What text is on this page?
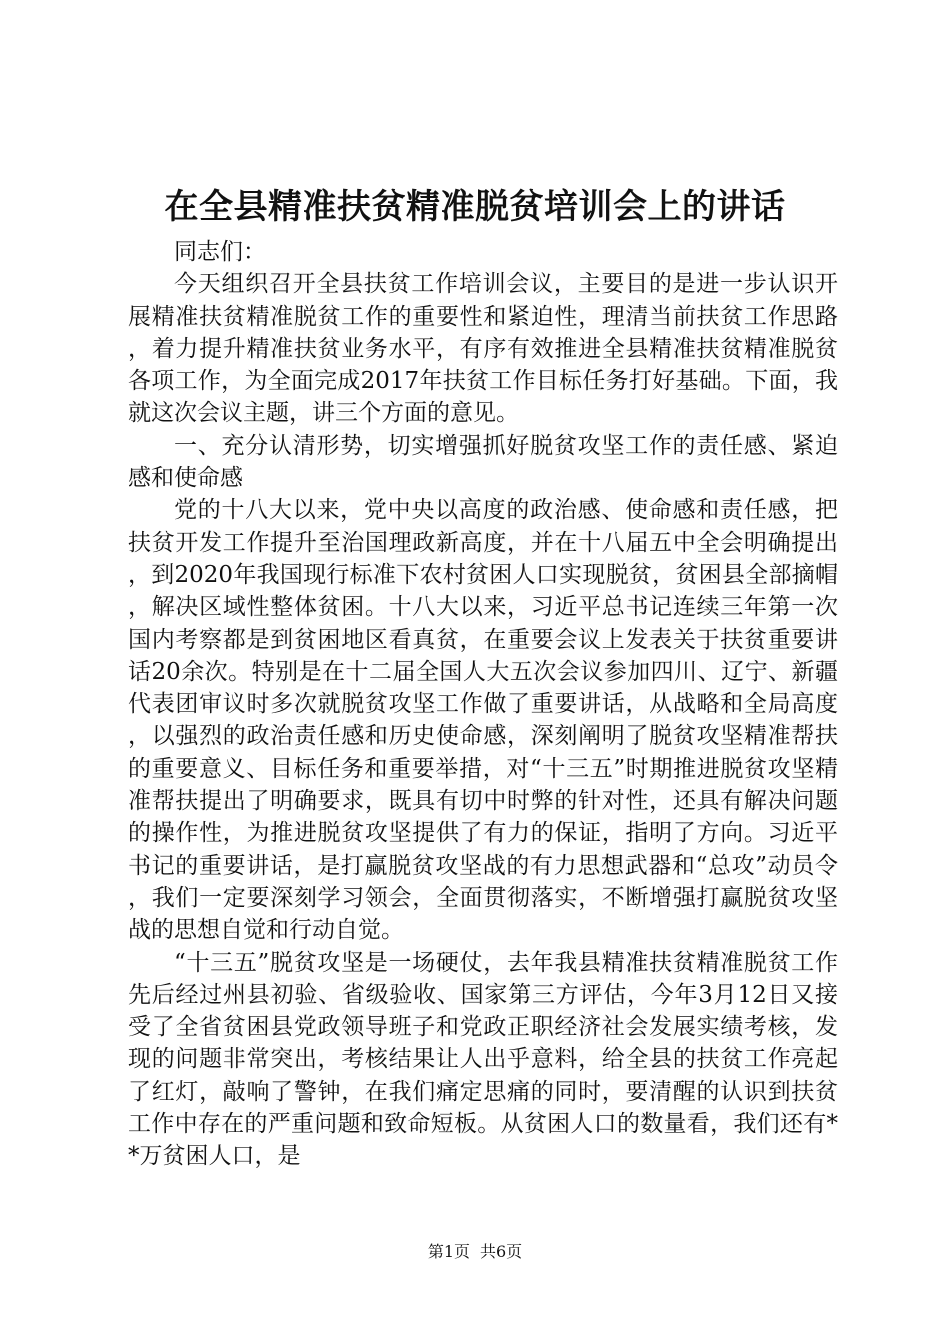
在全县精准扶贫精准脱贫培训会上的讲话

同志们：

今天组织召开全县扶贫工作培训会议，主要目的是进一步认识开展精准扶贫精准脱贫工作的重要性和紧迫性，理清当前扶贫工作思路，着力提升精准扶贫业务水平，有序有效推进全县精准扶贫精准脱贫各项工作，为全面完成2017年扶贫工作目标任务打好基础。下面，我就这次会议主题，讲三个方面的意见。

一、充分认清形势，切实增强抓好脱贫攻坚工作的责任感、紧迫感和使命感

党的十八大以来，党中央以高度的政治感、使命感和责任感，把扶贫开发工作提升至治国理政新高度，并在十八届五中全会明确提出，到2020年我国现行标准下农村贫困人口实现脱贫，贫困县全部摘帽，解决区域性整体贫困。十八大以来，习近平总书记连续三年第一次国内考察都是到贫困地区看真贫，在重要会议上发表关于扶贫重要讲话20余次。特别是在十二届全国人大五次会议参加四川、辽宁、新疆代表团审议时多次就脱贫攻坚工作做了重要讲话，从战略和全局高度，以强烈的政治责任感和历史使命感，深刻阐明了脱贫攻坚精准帮扶的重要意义、目标任务和重要举措，对“十三五”时期推进脱贫攻坚精准帮扶提出了明确要求，既具有切中时弊的针对性，还具有解决问题的操作性，为推进脱贫攻坚提供了有力的保证，指明了方向。习近平书记的重要讲话，是打赢脱贫攻坚战的有力思想武器和“总攻”动员令，我们一定要深刻学习领会，全面贯彻落实，不断增强打赢脱贫攻坚战的思想自觉和行动自觉。

“十三五”脱贫攻坚是一场硬仗，去年我县精准扶贫精准脱贫工作先后经过州县初验、省级验收、国家第三方评估，今年3月12日又接受了全省贫困县党政领导班子和党政正职经济社会发展实绩考核，发现的问题非常突出，考核结果让人出乎意料，给全县的扶贫工作亮起了红灯，敲响了警钟，在我们痛定思痛的同时，要清醒的认识到扶贫工作中存在的严重问题和致命短板。从贫困人口的数量看，我们还有**万贫困人口，是

第1页 共6页
